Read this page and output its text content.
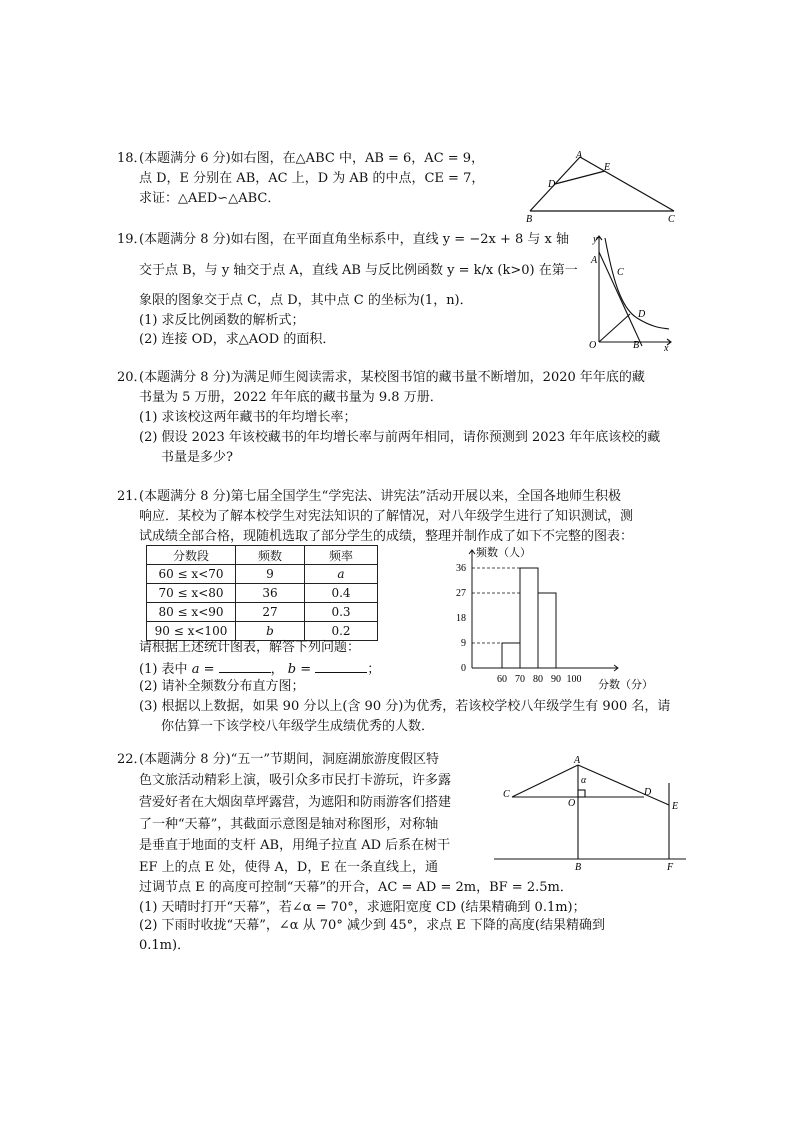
18．
(本题满分 6 分)如右图，在△ABC 中，AB = 6，AC = 9，
点 D，E 分别在 AB，AC 上，D 为 AB 的中点，CE = 7，
求证：△AED∽△ABC．
A
B	C
D
E
19．
(本题满分 8 分)如右图，在平面直角坐标系中，直线 y = −2x + 8 与 x 轴
交于点 B，与 y 轴交于点 A，直线 AB 与反比例函数 y = k/x (k>0) 在第一
象限的图象交于点 C，点 D，其中点 C 的坐标为(1，n)．
(1) 求反比例函数的解析式；
(2) 连接 OD，求△AOD 的面积．
y
A
C
D
O	B x
20．
(本题满分 8 分)为满足师生阅读需求，某校图书馆的藏书量不断增加，2020 年年底的藏
书量为 5 万册，2022 年年底的藏书量为 9.8 万册．
(1) 求该校这两年藏书的年均增长率；
(2) 假设 2023 年该校藏书的年均增长率与前两年相同，请你预测到 2023 年年底该校的藏
书量是多少?
21．
(本题满分 8 分)第七届全国学生“学宪法、讲宪法”活动开展以来，全国各地师生积极
响应．某校为了解本校学生对宪法知识的了解情况，对八年级学生进行了知识测试，测
试成绩全部合格，现随机选取了部分学生的成绩，整理并制作成了如下不完整的图表：
分数段	频数	频率
60 ≤ x<70	9	a
70 ≤ x<80	36	0.4
80 ≤ x<90	27	0.3
90 ≤ x<100	b	0.2
请根据上述统计图表，解答下列问题：
(1) 表中 a =	， b =	；
(2) 请补全频数分布直方图；
(3) 根据以上数据，如果 90 分以上(含 90 分)为优秀，若该校学校八年级学生有 900 名，请
你估算一下该学校八年级学生成绩优秀的人数．
0
9
18
27
36
60 70 80 90 100
频数（人）
分数（分）
22．
(本题满分 8 分)“五一”节期间，洞庭湖旅游度假区特
色文旅活动精彩上演，吸引众多市民打卡游玩，许多露
营爱好者在大烟囱草坪露营，为遮阳和防雨游客们搭建
了一种“天幕”，其截面示意图是轴对称图形，对称轴
是垂直于地面的支杆 AB，用绳子拉直 AD 后系在树干
EF 上的点 E 处，使得 A，D，E 在一条直线上，通
过调节点 E 的高度可控制“天幕”的开合，AC = AD = 2m，BF = 2.5m．
(1) 天晴时打开“天幕”，若∠α = 70°，求遮阳宽度 CD (结果精确到 0.1m)；
(2) 下雨时收拢“天幕”，∠α 从 70° 减少到 45°，求点 E 下降的高度(结果精确到
0.1m)．
A
α
C
O
D
E
B	F
